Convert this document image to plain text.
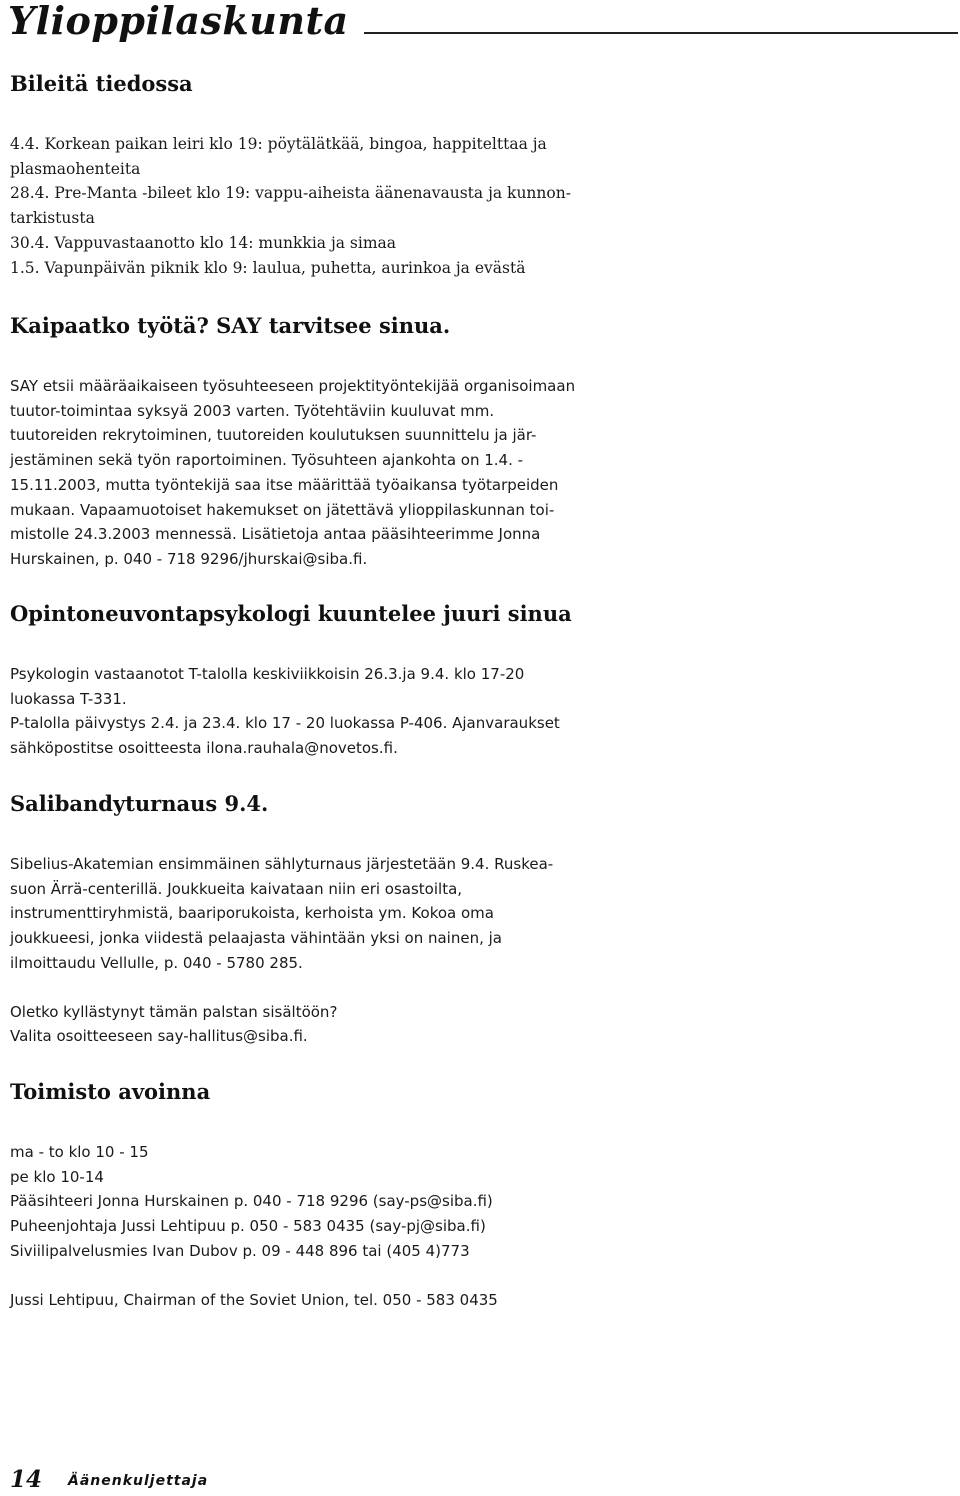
Ylioppilaskunta
Bileitä tiedossa
4.4. Korkean paikan leiri klo 19: pöytälätkää, bingoa, happitelttaa ja
plasmaohenteita
28.4. Pre-Manta -bileet klo 19: vappu-aiheista äänenavausta ja kunnon-
tarkistusta
30.4. Vappuvastaanotto klo 14: munkkia ja simaa
1.5. Vapunpäivän piknik klo 9: laulua, puhetta, aurinkoa ja evästä
Kaipaatko työtä? SAY tarvitsee sinua.
SAY etsii määräaikaiseen työsuhteeseen projektityöntekijää organisoimaan
tuutor-toimintaa syksyä 2003 varten. Työtehtäviin kuuluvat mm.
tuutoreiden rekrytoiminen, tuutoreiden koulutuksen suunnittelu ja jär-
jestäminen sekä työn raportoiminen. Työsuhteen ajankohta on 1.4. -
15.11.2003, mutta työntekijä saa itse määrittää työaikansa työtarpeiden
mukaan. Vapaamuotoiset hakemukset on jätettävä ylioppilaskunnan toi-
mistolle 24.3.2003 mennessä. Lisätietoja antaa pääsihteerimme Jonna
Hurskainen, p. 040 - 718 9296/jhurskai@siba.fi.
Opintoneuvontapsykologi kuuntelee juuri sinua
Psykologin vastaanotot T-talolla keskiviikkoisin 26.3.ja 9.4. klo 17-20
luokassa T-331.
P-talolla päivystys 2.4. ja 23.4. klo 17 - 20 luokassa P-406. Ajanvaraukset
sähköpostitse osoitteesta ilona.rauhala@novetos.fi.
Salibandyturnaus 9.4.
Sibelius-Akatemian ensimmäinen sählyturnaus järjestetään 9.4. Ruskea-
suon Ärrä-centerillä. Joukkueita kaivataan niin eri osastoilta,
instrumenttiryhmistä, baariporukoista, kerhoista ym. Kokoa oma
joukkueesi, jonka viidestä pelaajasta vähintään yksi on nainen, ja
ilmoittaudu Vellulle, p. 040 - 5780 285.
Oletko kyllästynyt tämän palstan sisältöön?
Valita osoitteeseen say-hallitus@siba.fi.
Toimisto avoinna
ma - to klo 10 - 15
pe klo 10-14
Pääsihteeri Jonna Hurskainen p. 040 - 718 9296 (say-ps@siba.fi)
Puheenjohtaja Jussi Lehtipuu p. 050 - 583 0435 (say-pj@siba.fi)
Siviilipalvelusmies Ivan Dubov p. 09 - 448 896 tai (405 4)773
Jussi Lehtipuu, Chairman of the Soviet Union, tel. 050 - 583 0435
14 Äänenkuljettaja
